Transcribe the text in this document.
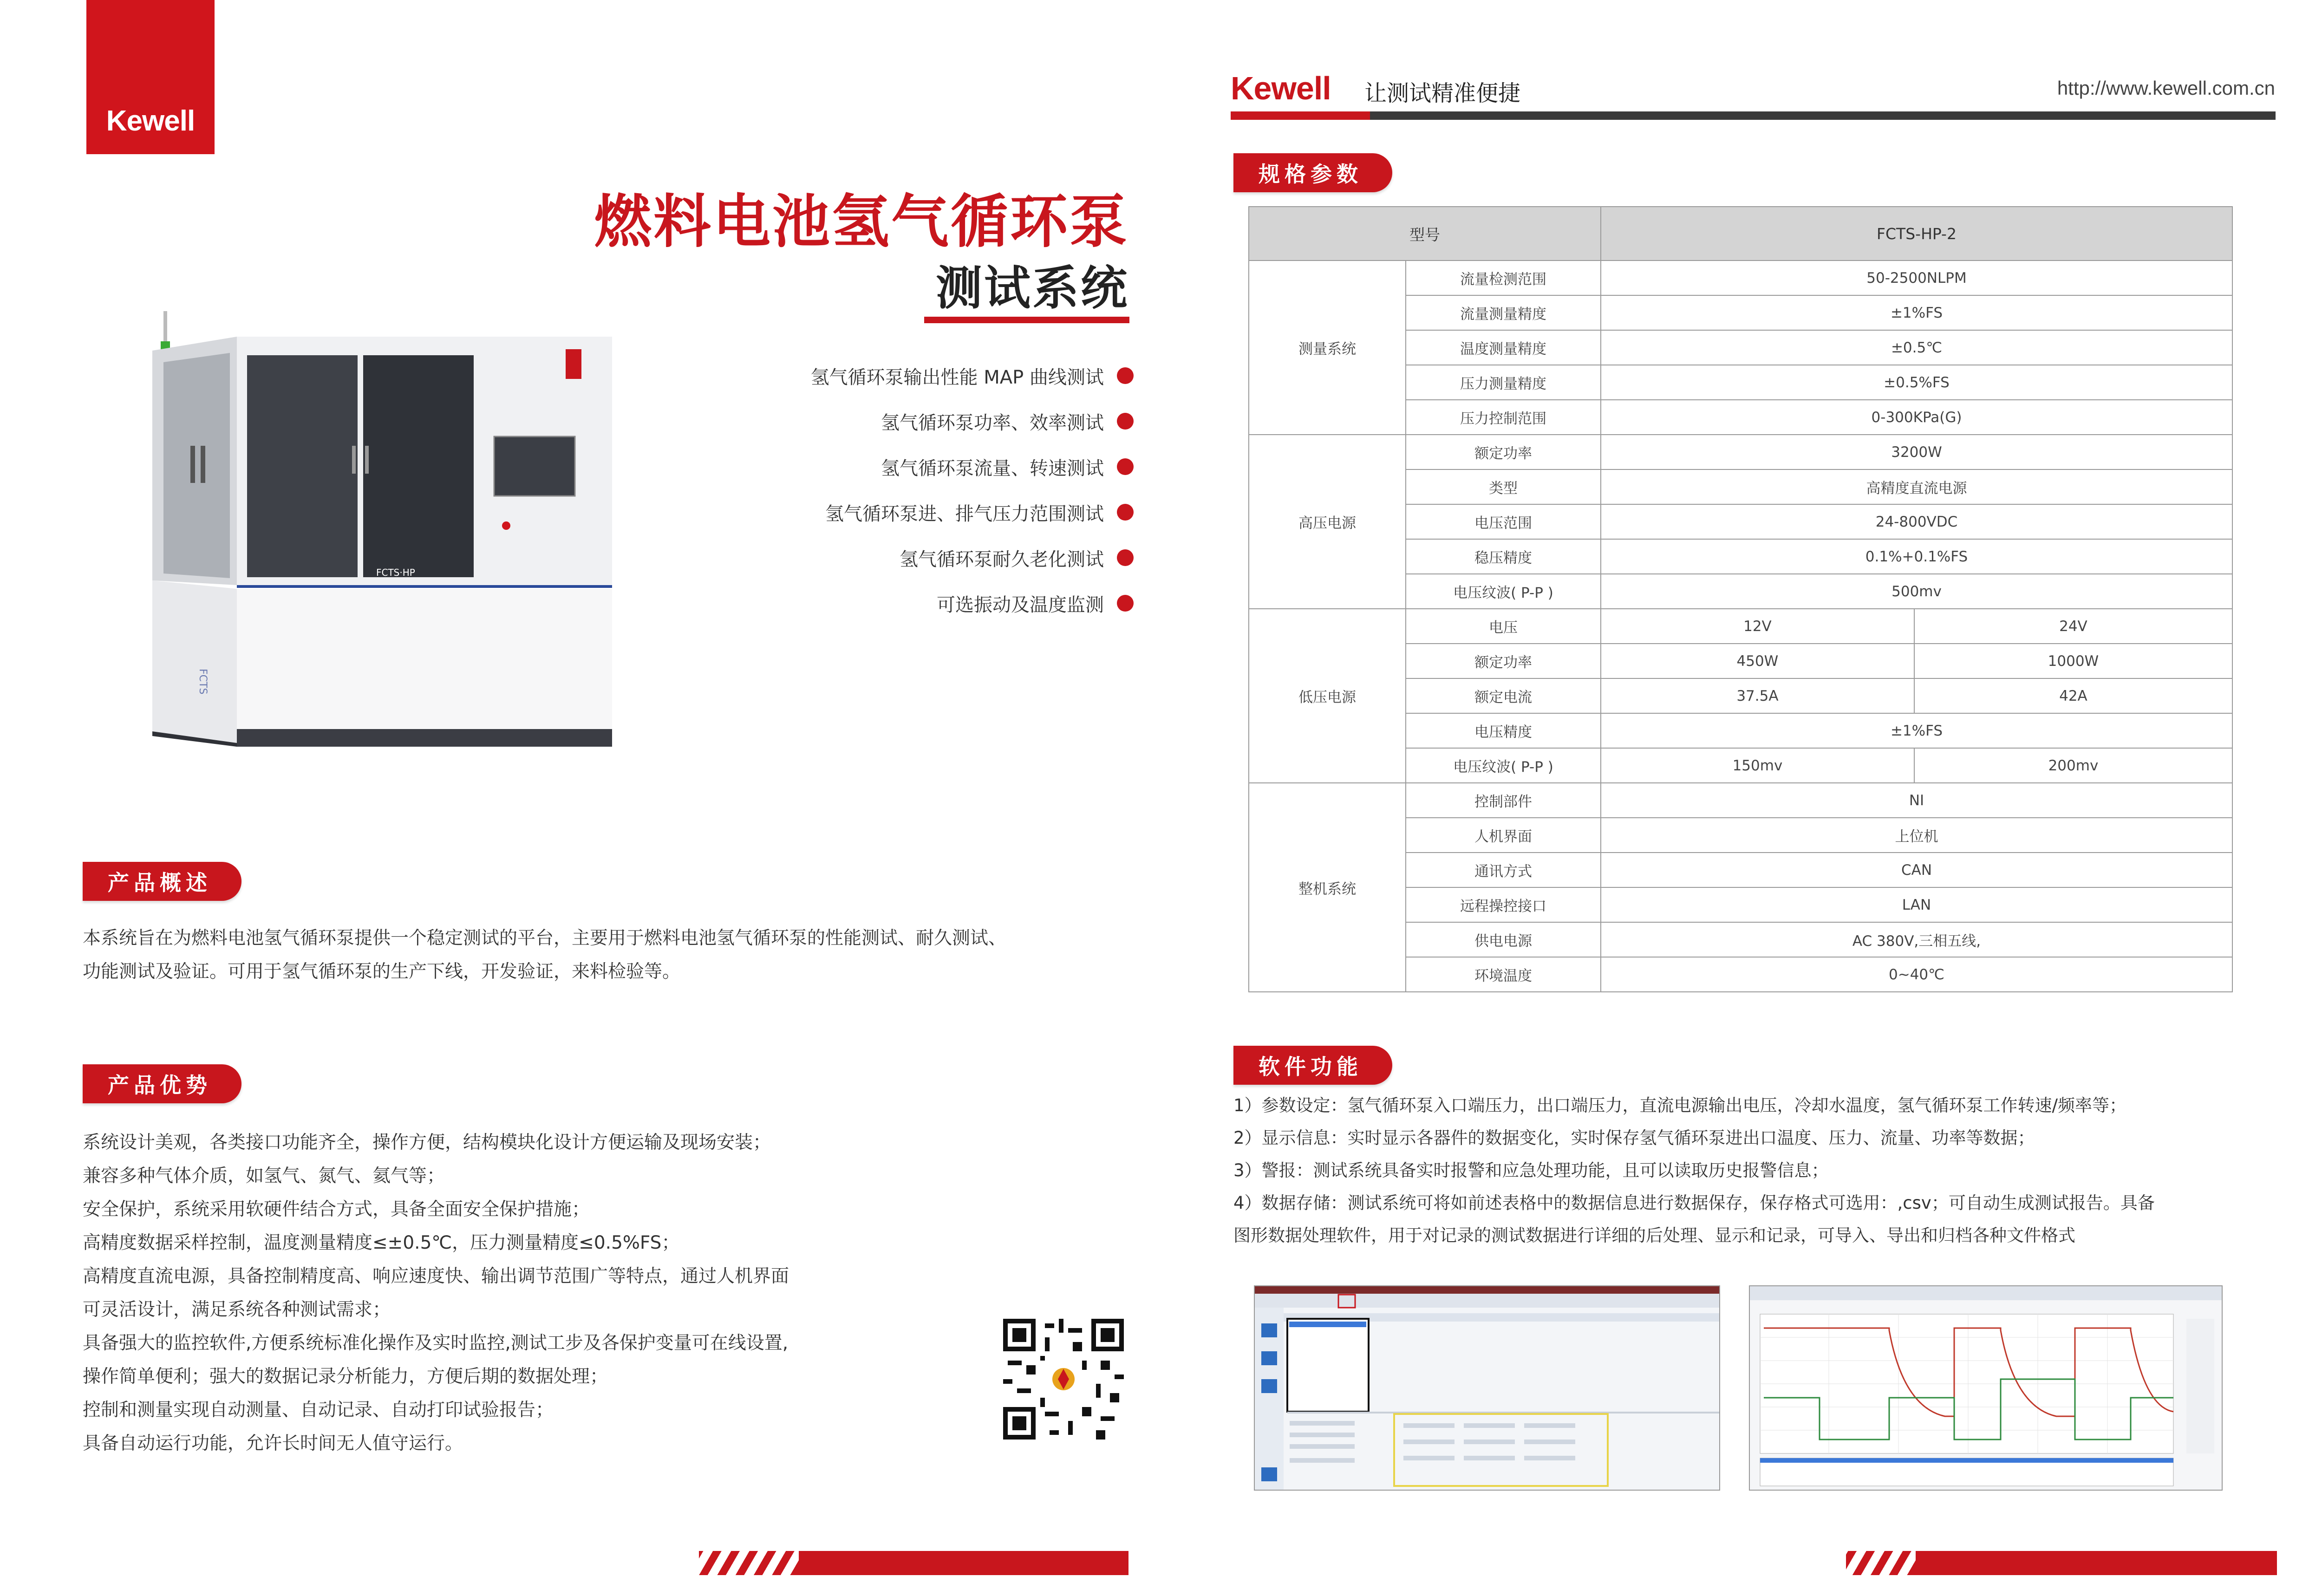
Kewell
燃料电池氢气循环泵
测试系统
FCTS·HP
FCTS
氢气循环泵输出性能 MAP 曲线测试
氢气循环泵功率、效率测试
氢气循环泵流量、转速测试
氢气循环泵进、排气压力范围测试
氢气循环泵耐久老化测试
可选振动及温度监测
产品概述
本系统旨在为燃料电池氢气循环泵提供一个稳定测试的平台，主要用于燃料电池氢气循环泵的性能测试、耐久测试、
功能测试及验证。可用于氢气循环泵的生产下线，开发验证，来料检验等。
产品优势
系统设计美观，各类接口功能齐全，操作方便，结构模块化设计方便运输及现场安装；
兼容多种气体介质，如氢气、氮气、氦气等；
安全保护，系统采用软硬件结合方式，具备全面安全保护措施；
高精度数据采样控制，温度测量精度≤±0.5℃，压力测量精度≤0.5%FS；
高精度直流电源，具备控制精度高、响应速度快、输出调节范围广等特点，通过人机界面
可灵活设计，满足系统各种测试需求；
具备强大的监控软件,方便系统标准化操作及实时监控,测试工步及各保护变量可在线设置,
操作简单便利；强大的数据记录分析能力，方便后期的数据处理；
控制和测量实现自动测量、自动记录、自动打印试验报告；
具备自动运行功能，允许长时间无人值守运行。
Kewell 让测试精准便捷	http://www.kewell.com.cn
规格参数
型号		FCTS-HP-2	
测量系统	流量检测范围	50-2500NLPM	
	流量测量精度	±1%FS	
	温度测量精度	±0.5℃	
	压力测量精度	±0.5%FS	
	压力控制范围	0-300KPa(G)	
高压电源	额定功率	3200W	
	类型	高精度直流电源	
	电压范围	24-800VDC	
	稳压精度	0.1%+0.1%FS	
	电压纹波( P-P )	500mv	
低压电源	电压	12V	24V
	额定功率	450W	1000W
	额定电流	37.5A	42A
	电压精度	±1%FS	
	电压纹波( P-P )	150mv	200mv
整机系统	控制部件	NI	
	人机界面	上位机	
	通讯方式	CAN	
	远程操控接口	LAN	
	供电电源	AC 380V,三相五线,	
	环境温度	0~40℃	
软件功能
1）参数设定：氢气循环泵入口端压力，出口端压力，直流电源输出电压，冷却水温度，氢气循环泵工作转速/频率等；
2）显示信息：实时显示各器件的数据变化，实时保存氢气循环泵进出口温度、压力、流量、功率等数据；
3）警报：测试系统具备实时报警和应急处理功能，且可以读取历史报警信息；
4）数据存储：测试系统可将如前述表格中的数据信息进行数据保存，保存格式可选用：,csv；可自动生成测试报告。具备
图形数据处理软件，用于对记录的测试数据进行详细的后处理、显示和记录，可导入、导出和归档各种文件格式
